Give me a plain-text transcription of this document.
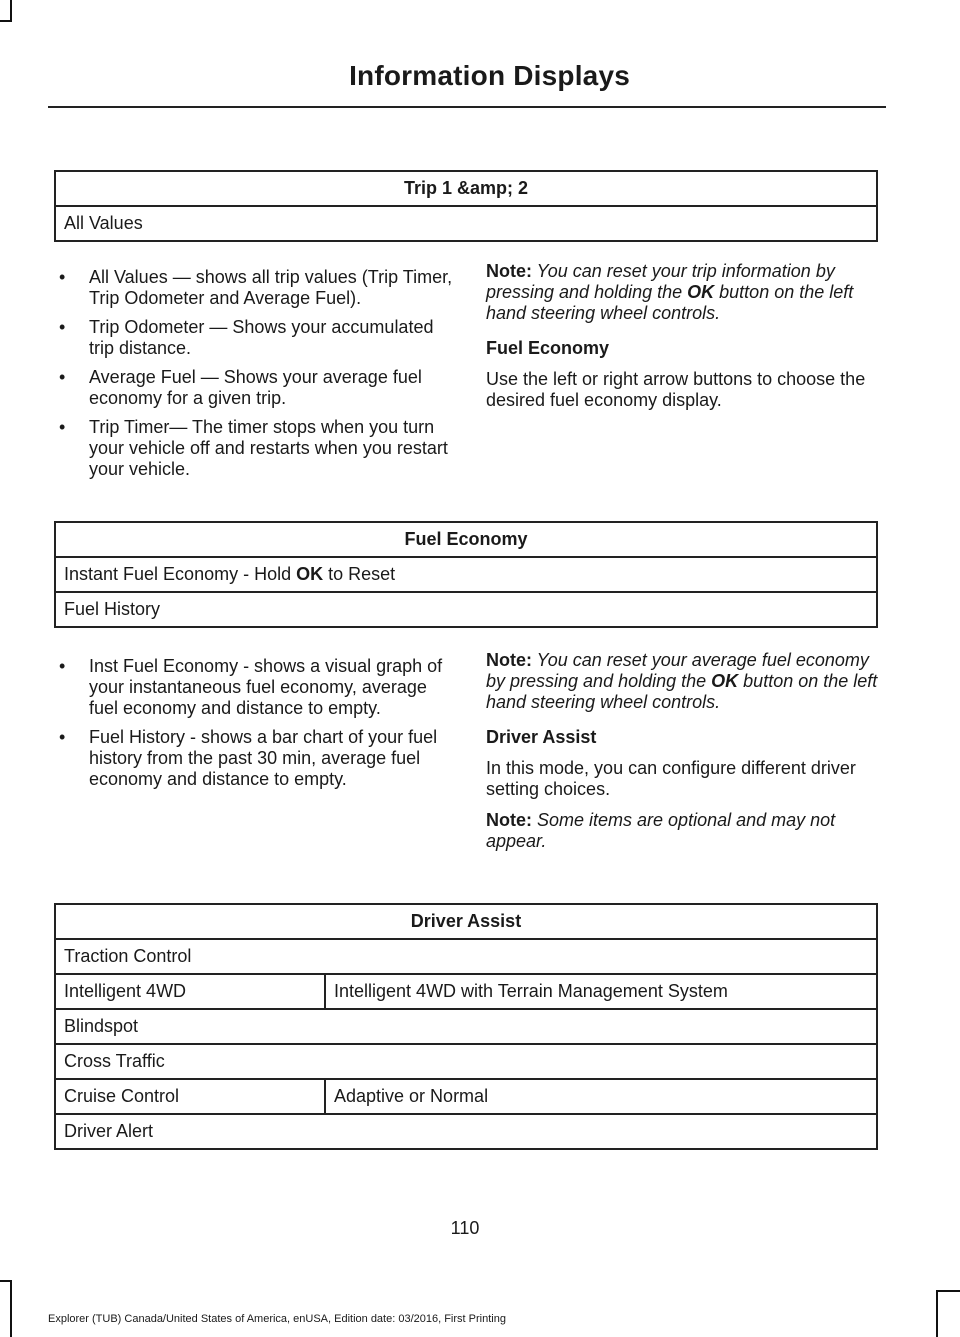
Information Displays
Trip 1 &amp; 2
All Values
• All Values — shows all trip values (Trip Timer, Trip Odometer and Average Fuel).
• Trip Odometer — Shows your accumulated trip distance.
• Average Fuel — Shows your average fuel economy for a given trip.
• Trip Timer— The timer stops when you turn your vehicle off and restarts when you restart your vehicle.

Note: You can reset your trip information by pressing and holding the OK button on the left hand steering wheel controls.

Fuel Economy

Use the left or right arrow buttons to choose the desired fuel economy display.

Fuel Economy
Instant Fuel Economy - Hold OK to Reset
Fuel History
• Inst Fuel Economy - shows a visual graph of your instantaneous fuel economy, average fuel economy and distance to empty.
• Fuel History - shows a bar chart of your fuel history from the past 30 min, average fuel economy and distance to empty.

Note: You can reset your average fuel economy by pressing and holding the OK button on the left hand steering wheel controls.

Driver Assist

In this mode, you can configure different driver setting choices.

Note: Some items are optional and may not appear.

Driver Assist	
Traction Control	
Intelligent 4WD	Intelligent 4WD with Terrain Management System
Blindspot	
Cross Traffic	
Cruise Control	Adaptive or Normal
Driver Alert	
110
Explorer (TUB) Canada/United States of America, enUSA, Edition date: 03/2016, First Printing
